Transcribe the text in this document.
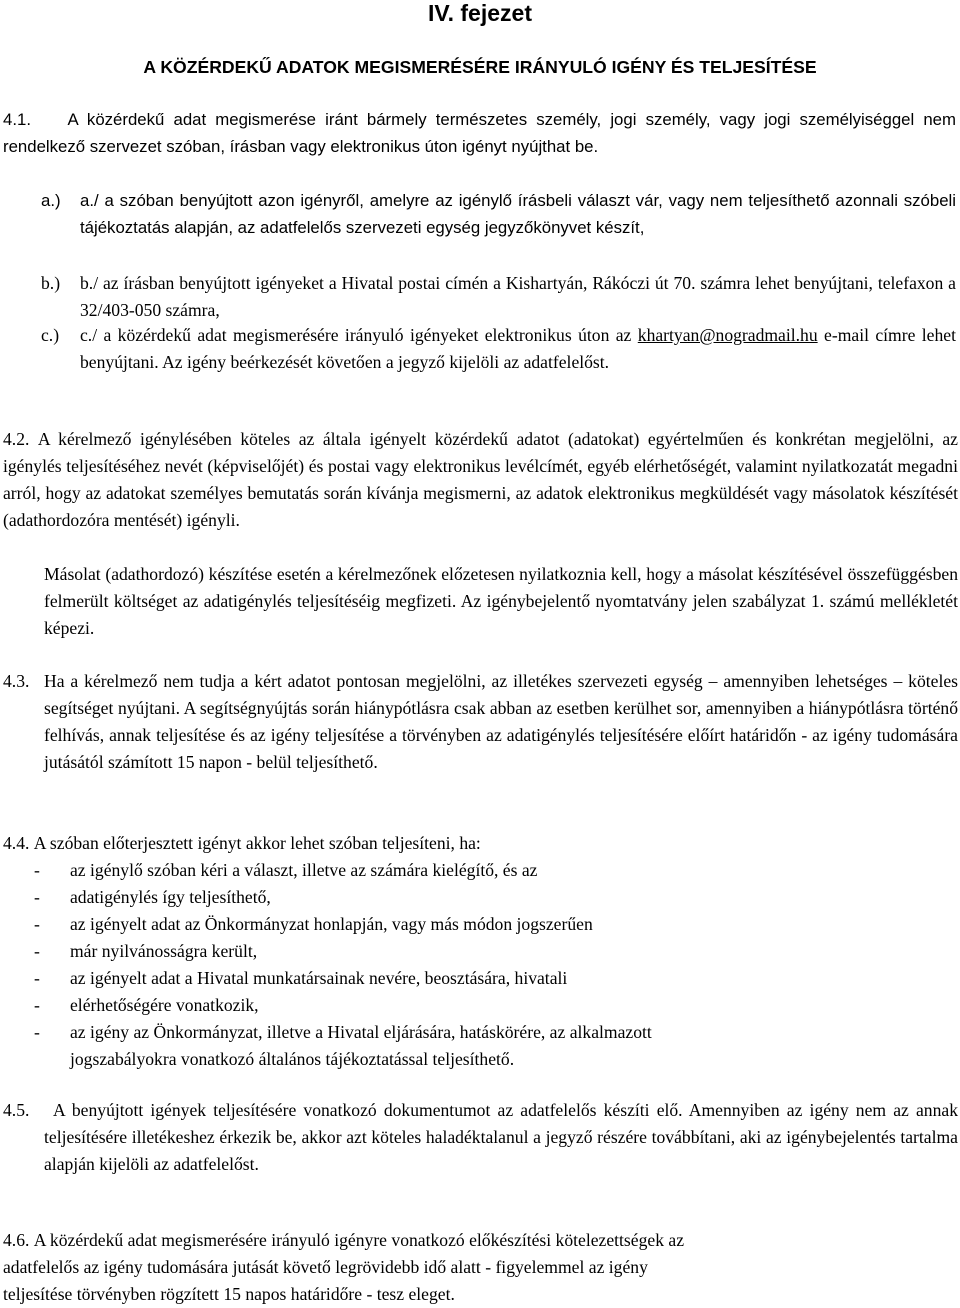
IV. fejezet
A KÖZÉRDEKŰ ADATOK MEGISMERÉSÉRE IRÁNYULÓ IGÉNY ÉS TELJESÍTÉSE
4.1. A közérdekű adat megismerése iránt bármely természetes személy, jogi személy, vagy jogi személyiséggel nem rendelkező szervezet szóban, írásban vagy elektronikus úton igényt nyújthat be.
a.) a./ a szóban benyújtott azon igényről, amelyre az igénylő írásbeli választ vár, vagy nem teljesíthető azonnali szóbeli tájékoztatás alapján, az adatfelelős szervezeti egység jegyzőkönyvet készít,
b.) b./ az írásban benyújtott igényeket a Hivatal postai címén a Kishartyán, Rákóczi út 70. számra lehet benyújtani, telefaxon a 32/403-050 számra,
c.) c./ a közérdekű adat megismerésére irányuló igényeket elektronikus úton az khartyan@nogradmail.hu e-mail címre lehet benyújtani. Az igény beérkezését követően a jegyző kijelöli az adatfelelőst.
4.2. A kérelmező igénylésében köteles az általa igényelt közérdekű adatot (adatokat) egyértelműen és konkrétan megjelölni, az igénylés teljesítéséhez nevét (képviselőjét) és postai vagy elektronikus levélcímét, egyéb elérhetőségét, valamint nyilatkozatát megadni arról, hogy az adatokat személyes bemutatás során kívánja megismerni, az adatok elektronikus megküldését vagy másolatok készítését (adathordozóra mentését) igényli.
Másolat (adathordozó) készítése esetén a kérelmezőnek előzetesen nyilatkoznia kell, hogy a másolat készítésével összefüggésben felmerült költséget az adatigénylés teljesítéséig megfizeti. Az igénybejelentő nyomtatvány jelen szabályzat 1. számú mellékletét képezi.
4.3. Ha a kérelmező nem tudja a kért adatot pontosan megjelölni, az illetékes szervezeti egység – amennyiben lehetséges – köteles segítséget nyújtani. A segítségnyújtás során hiánypótlásra csak abban az esetben kerülhet sor, amennyiben a hiánypótlásra történő felhívás, annak teljesítése és az igény teljesítése a törvényben az adatigénylés teljesítésére előírt határidőn - az igény tudomására jutásától számított 15 napon - belül teljesíthető.
4.4. A szóban előterjesztett igényt akkor lehet szóban teljesíteni, ha:
- az igénylő szóban kéri a választ, illetve az számára kielégítő, és az
- adatigénylés így teljesíthető,
- az igényelt adat az Önkormányzat honlapján, vagy más módon jogszerűen
- már nyilvánosságra került,
- az igényelt adat a Hivatal munkatársainak nevére, beosztására, hivatali
- elérhetőségére vonatkozik,
- az igény az Önkormányzat, illetve a Hivatal eljárására, hatáskörére, az alkalmazott
jogszabályokra vonatkozó általános tájékoztatással teljesíthető.
4.5.	A benyújtott igények teljesítésére vonatkozó dokumentumot az adatfelelős készíti elő. Amennyiben az igény nem az annak teljesítésére illetékeshez érkezik be, akkor azt köteles haladéktalanul a jegyző részére továbbítani, aki az igénybejelentés tartalma alapján kijelöli az adatfelelőst.
4.6. A közérdekű adat megismerésére irányuló igényre vonatkozó előkészítési kötelezettségek az
adatfelelős az igény tudomására jutását követő legrövidebb idő alatt - figyelemmel az igény
teljesítése törvényben rögzített 15 napos határidőre - tesz eleget.
